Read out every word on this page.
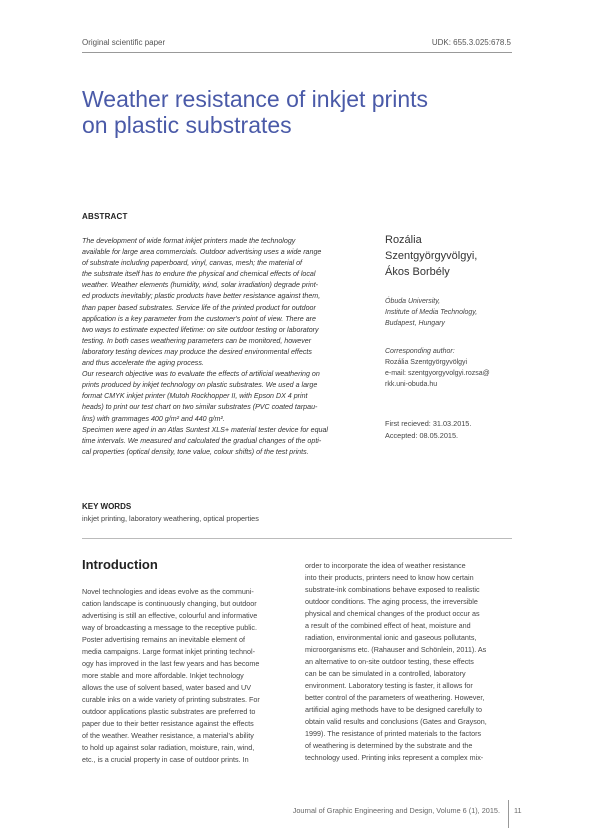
Original scientific paper	UDK: 655.3.025:678.5
Weather resistance of inkjet prints
on plastic substrates
ABSTRACT

The development of wide format inkjet printers made the technology

available for large area commercials. Outdoor advertising uses a wide range

of substrate including paperboard, vinyl, canvas, mesh; the material of

the substrate itself has to endure the physical and chemical effects of local

weather. Weather elements (humidity, wind, solar irradiation) degrade print-

ed products inevitably; plastic products have better resistance against them,

than paper based substrates. Service life of the printed product for outdoor

application is a key parameter from the customer's point of view. There are

two ways to estimate expected lifetime: on site outdoor testing or laboratory

testing. In both cases weathering parameters can be monitored, however

laboratory testing devices may produce the desired environmental effects

and thus accelerate the aging process.

Our research objective was to evaluate the effects of artificial weathering on

prints produced by inkjet technology on plastic substrates. We used a large

format CMYK inkjet printer (Mutoh Rockhopper II, with Epson DX 4 print

heads) to print our test chart on two similar substrates (PVC coated tarpau-

lins) with grammages 400 g/m² and 440 g/m².

Specimen were aged in an Atlas Suntest XLS+ material tester device for equal

time intervals. We measured and calculated the gradual changes of the opti-

cal properties (optical density, tone value, colour shifts) of the test prints.

Rozália
Szentgyörgyvölgyi,
Ákos Borbély
Óbuda University,
Institute of Media Technology,
Budapest, Hungary
Corresponding author:
Rozália Szentgyörgyvölgyi
e-mail: szentgyorgyvolgyi.rozsa@
rkk.uni-obuda.hu
First recieved: 31.03.2015.
Accepted: 08.05.2015.
KEY WORDS
inkjet printing, laboratory weathering, optical properties
Introduction
Novel technologies and ideas evolve as the communi-
cation landscape is continuously changing, but outdoor
advertising is still an effective, colourful and informative
way of broadcasting a message to the receptive public.
Poster advertising remains an inevitable element of
media campaigns. Large format inkjet printing technol-
ogy has improved in the last few years and has become
more stable and more affordable. Inkjet technology
allows the use of solvent based, water based and UV
curable inks on a wide variety of printing substrates. For
outdoor applications plastic substrates are preferred to
paper due to their better resistance against the effects
of the weather. Weather resistance, a material's ability
to hold up against solar radiation, moisture, rain, wind,
etc., is a crucial property in case of outdoor prints. In
order to incorporate the idea of weather resistance
into their products, printers need to know how certain
substrate-ink combinations behave exposed to realistic
outdoor conditions. The aging process, the irreversible
physical and chemical changes of the product occur as
a result of the combined effect of heat, moisture and
radiation, environmental ionic and gaseous pollutants,
microorganisms etc. (Rahauser and Schönlein, 2011). As
an alternative to on-site outdoor testing, these effects
can be can be simulated in a controlled, laboratory
environment. Laboratory testing is faster, it allows for
better control of the parameters of weathering. However,
artificial aging methods have to be designed carefully to
obtain valid results and conclusions (Gates and Grayson,
1999). The resistance of printed materials to the factors
of weathering is determined by the substrate and the
technology used. Printing inks represent a complex mix-
Journal of Graphic Engineering and Design, Volume 6 (1), 2015. 11
